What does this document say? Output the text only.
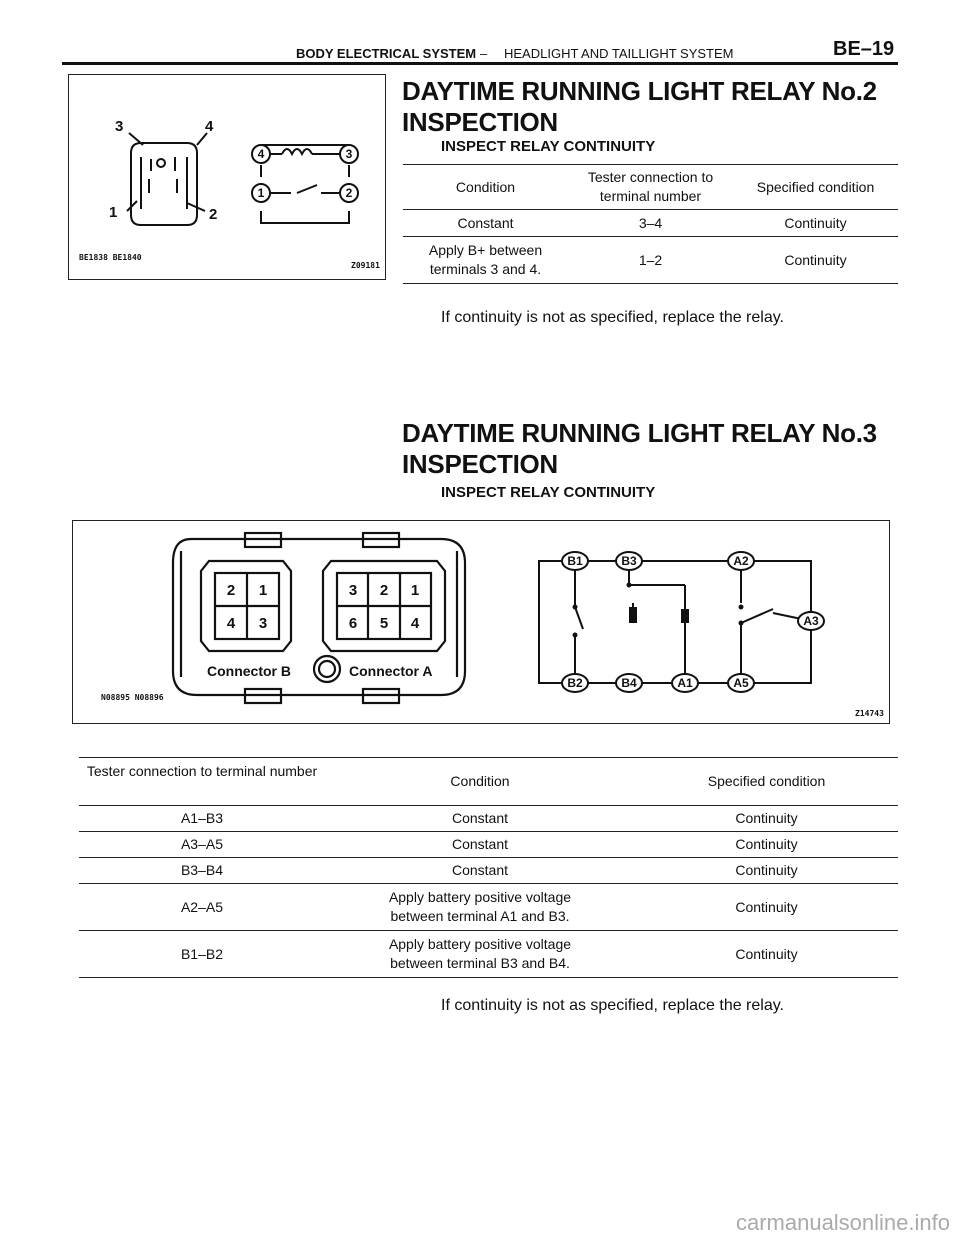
BODY ELECTRICAL SYSTEM – HEADLIGHT AND TAILLIGHT SYSTEM	BE–19
3	4
1	2
4	3
1	2
BE1838 BE1840
Z09181
DAYTIME RUNNING LIGHT RELAY No.2
INSPECTION
INSPECT RELAY CONTINUITY
Condition	Tester connection to terminal number	Specified condition
Constant	3–4	Continuity
Apply B+ between terminals 3 and 4.	1–2	Continuity
If continuity is not as specified, replace the relay.
DAYTIME RUNNING LIGHT RELAY No.3
INSPECTION
INSPECT RELAY CONTINUITY
2 1
4 3
3 2 1
6 5 4
Connector B	Connector A
B1	B3	A2
B2	B4	A1	A5
A3
N08895 N08896
Z14743
Tester connection to terminal number	Condition	Specified condition
A1–B3	Constant	Continuity
A3–A5	Constant	Continuity
B3–B4	Constant	Continuity
A2–A5	Apply battery positive voltage between terminal A1 and B3.	Continuity
B1–B2	Apply battery positive voltage between terminal B3 and B4.	Continuity
If continuity is not as specified, replace the relay.
carmanualsonline.info
